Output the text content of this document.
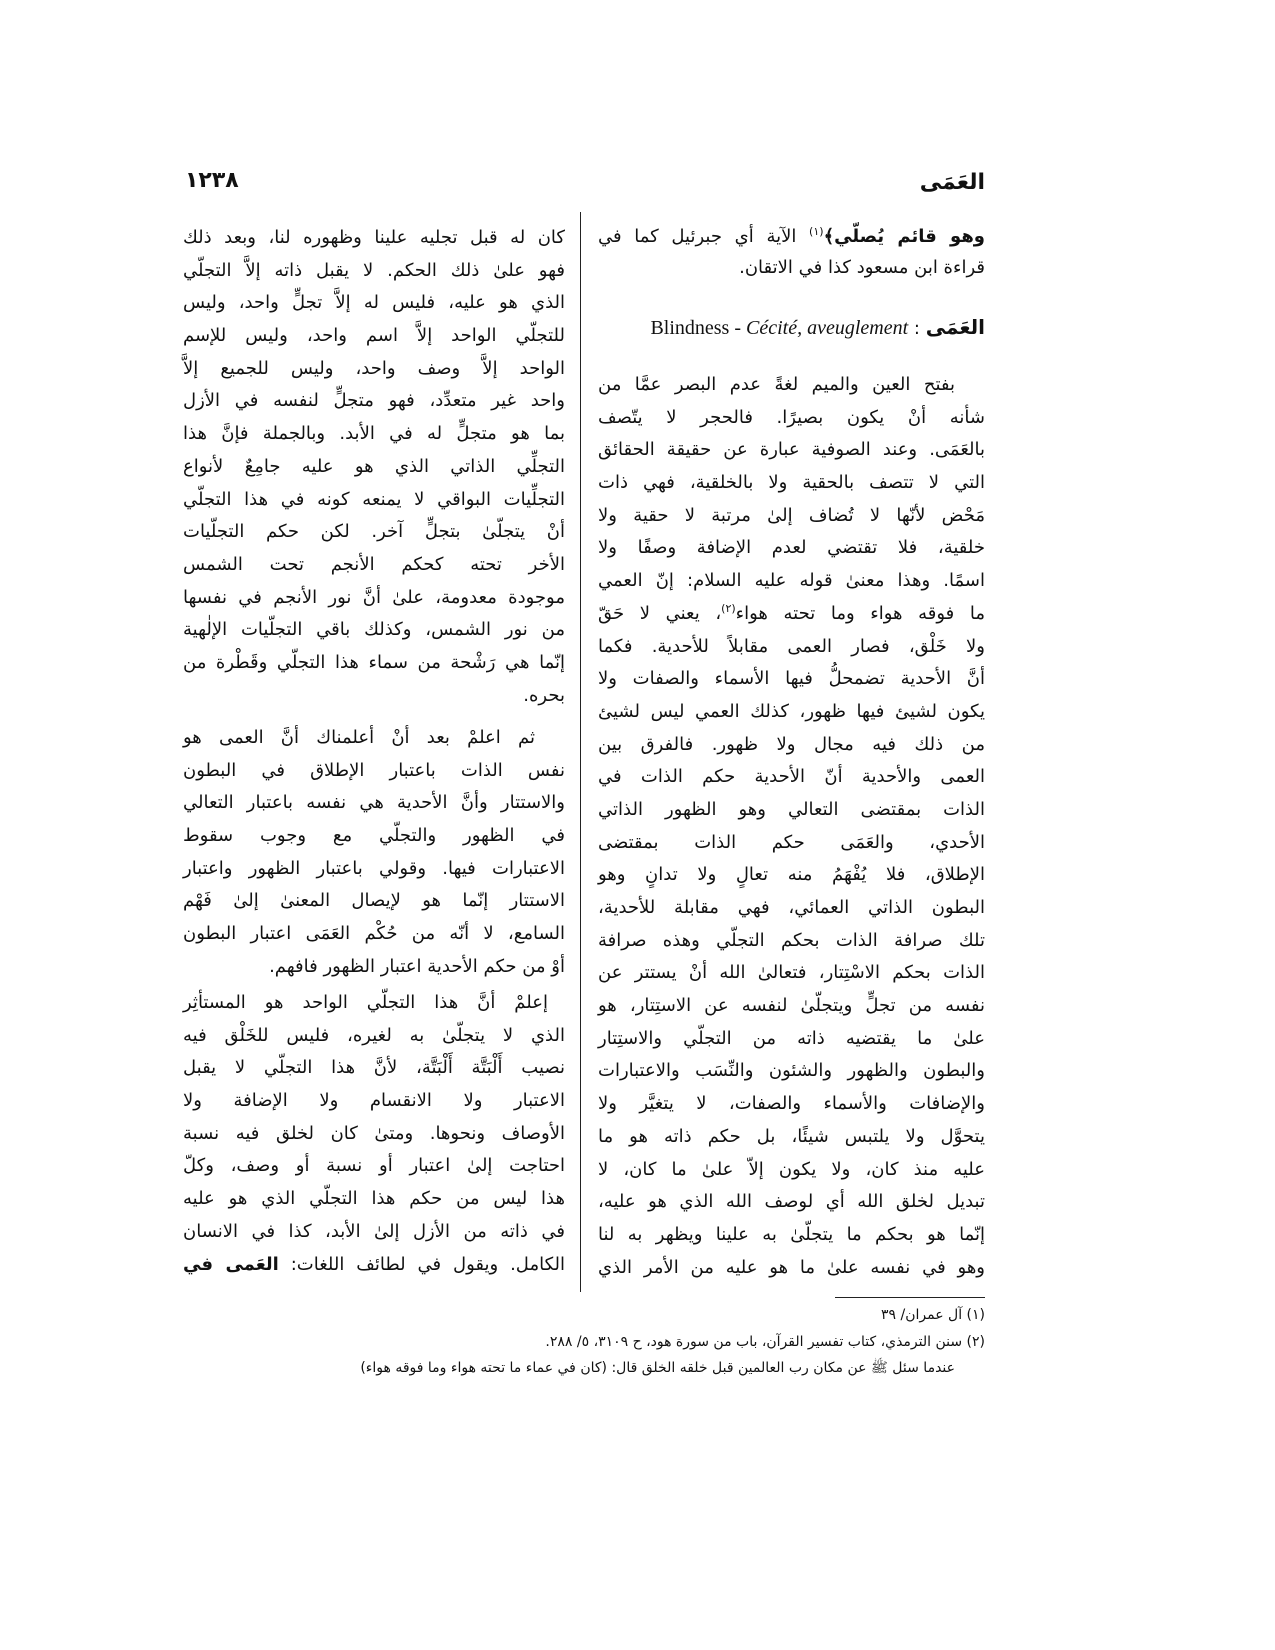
العَمَى
١٢٣٨
وهو قائم يُصلّي﴾$^{(١)}$ الآية أي جبرئيل كما في
قراءة ابن مسعود كذا في الاتقان.
العَمَى : Blindness - Cécité, aveuglement
بفتح العين والميم لغةً عدم البصر عمَّا من
شأنه أنْ يكون بصيرًا. فالحجر لا يتّصف
بالعَمَى. وعند الصوفية عبارة عن حقيقة الحقائق
التي لا تتصف بالحقية ولا بالخلقية، فهي ذات
مَحْض لأنّها لا تُضاف إلىٰ مرتبة لا حقية ولا
خلقية، فلا تقتضي لعدم الإضافة وصفًا ولا
اسمًا. وهذا معنىٰ قوله عليه السلام: إنّ العمي
ما فوقه هواء وما تحته هواء$^{(٢)}$، يعني لا حَقّ
ولا خَلْق، فصار العمى مقابلاً للأحدية. فكما
أنَّ الأحدية تضمحلُّ فيها الأسماء والصفات ولا
يكون لشيئ فيها ظهور، كذلك العمي ليس لشيئ
من ذلك فيه مجال ولا ظهور. فالفرق بين
العمى والأحدية أنّ الأحدية حكم الذات في
الذات بمقتضى التعالي وهو الظهور الذاتي
الأحدي، والعَمَى حكم الذات بمقتضى
الإطلاق، فلا يُفْهَمُ منه تعالٍ ولا تدانٍ وهو
البطون الذاتي العمائي، فهي مقابلة للأحدية،
تلك صرافة الذات بحكم التجلّي وهذه صرافة
الذات بحكم الاسْتِتار، فتعالىٰ الله أنْ يستتر عن
نفسه من تجلٍّ ويتجلّىٰ لنفسه عن الاستِتار، هو
علىٰ ما يقتضيه ذاته من التجلّي والاستِتار
والبطون والظهور والشئون والنِّسَب والاعتبارات
والإضافات والأسماء والصفات، لا يتغيَّر ولا
يتحوَّل ولا يلتبس شيئًا، بل حكم ذاته هو ما
عليه منذ كان، ولا يكون إلاّ علىٰ ما كان، لا
تبديل لخلق الله أي لوصف الله الذي هو عليه،
إنّما هو بحكم ما يتجلّىٰ به علينا ويظهر به لنا
وهو في نفسه علىٰ ما هو عليه من الأمر الذي
كان له قبل تجليه علينا وظهوره لنا، وبعد ذلك
فهو علىٰ ذلك الحكم. لا يقبل ذاته إلاَّ التجلّي
الذي هو عليه، فليس له إلاَّ تجلٍّ واحد، وليس
للتجلّي الواحد إلاَّ اسم واحد، وليس للإسم
الواحد إلاَّ وصف واحد، وليس للجميع إلاَّ
واحد غير متعدِّد، فهو متجلٍّ لنفسه في الأزل
بما هو متجلٍّ له في الأبد. وبالجملة فإنَّ هذا
التجلِّي الذاتي الذي هو عليه جامِعٌ لأنواع
التجلِّيات البواقي لا يمنعه كونه في هذا التجلّي
أنْ يتجلّىٰ بتجلٍّ آخر. لكن حكم التجلّيات
الأخر تحته كحكم الأنجم تحت الشمس
موجودة معدومة، علىٰ أنَّ نور الأنجم في نفسها
من نور الشمس، وكذلك باقي التجلّيات الإلٰهية
إنّما هي رَشْحة من سماء هذا التجلّي وقَطْرة من
بحره.
ثم اعلمْ بعد أنْ أعلمناك أنَّ العمى هو
نفس الذات باعتبار الإطلاق في البطون
والاستتار وأنَّ الأحدية هي نفسه باعتبار التعالي
في الظهور والتجلّي مع وجوب سقوط
الاعتبارات فيها. وقولي باعتبار الظهور واعتبار
الاستتار إنّما هو لإيصال المعنىٰ إلىٰ فَهْم
السامع، لا أنّه من حُكْم العَمَى اعتبار البطون
أوْ من حكم الأحدية اعتبار الظهور فافهم.
إعلمْ أنَّ هذا التجلّي الواحد هو المستأثِر
الذي لا يتجلّىٰ به لغيره، فليس للخَلْق فيه
نصيب أَلْبَتَّة أَلْبَتَّة، لأنَّ هذا التجلّي لا يقبل
الاعتبار ولا الانقسام ولا الإضافة ولا
الأوصاف ونحوها. ومتىٰ كان لخلق فيه نسبة
احتاجت إلىٰ اعتبار أو نسبة أو وصف، وكلّ
هذا ليس من حكم هذا التجلّي الذي هو عليه
في ذاته من الأزل إلىٰ الأبد، كذا في الانسان
الكامل. ويقول في لطائف اللغات: العَمى في
(١) آل عمران/ ٣٩
(٢) سنن الترمذي، كتاب تفسير القرآن، باب من سورة هود، ح ٣١٠٩، ٥/ ٢٨٨.
عندما سئل ﷺ عن مكان رب العالمين قبل خلقه الخلق قال: (كان في عماء ما تحته هواء وما فوقه هواء)
